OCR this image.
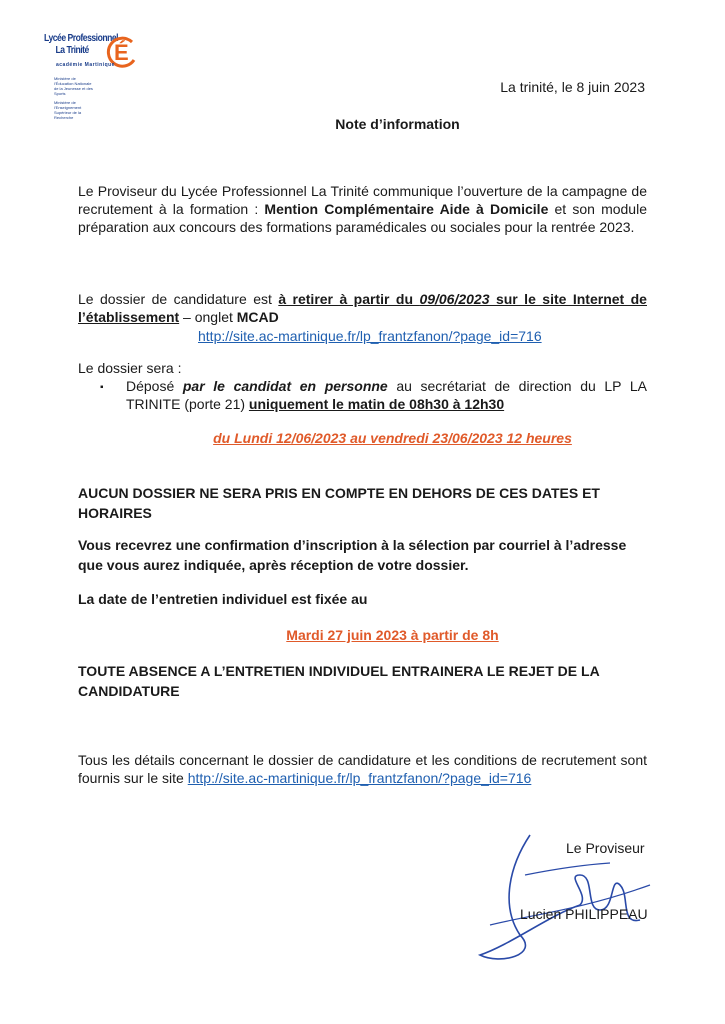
Lycée Professionnel
La Trinité	É
académie Martinique
Ministère de l'Éducation Nationale de la Jeunesse et des Sports
Ministère de l'Enseignement Supérieur de la Recherche
La trinité, le 8 juin 2023
Note d’information
Le Proviseur du Lycée Professionnel La Trinité communique l’ouverture de la campagne de recrutement à la formation : Mention Complémentaire Aide à Domicile et son module préparation aux concours des formations paramédicales ou sociales pour la rentrée 2023.
Le dossier de candidature est à retirer à partir du 09/06/2023 sur le site Internet de l’établissement – onglet MCAD
http://site.ac-martinique.fr/lp_frantzfanon/?page_id=716
Le dossier sera :
▪	Déposé par le candidat en personne au secrétariat de direction du LP LA TRINITE (porte 21) uniquement le matin de 08h30 à 12h30
du Lundi 12/06/2023 au vendredi 23/06/2023 12 heures
AUCUN DOSSIER NE SERA PRIS EN COMPTE EN DEHORS DE CES DATES ET HORAIRES
Vous recevrez une confirmation d’inscription à la sélection par courriel à l’adresse que vous aurez indiquée, après réception de votre dossier.
La date de l’entretien individuel est fixée au
Mardi 27 juin 2023 à partir de 8h
TOUTE ABSENCE A L’ENTRETIEN INDIVIDUEL ENTRAINERA LE REJET DE LA CANDIDATURE
Tous les détails concernant le dossier de candidature et les conditions de recrutement sont fournis sur le site http://site.ac-martinique.fr/lp_frantzfanon/?page_id=716
Le Proviseur
Lucien PHILIPPEAU
